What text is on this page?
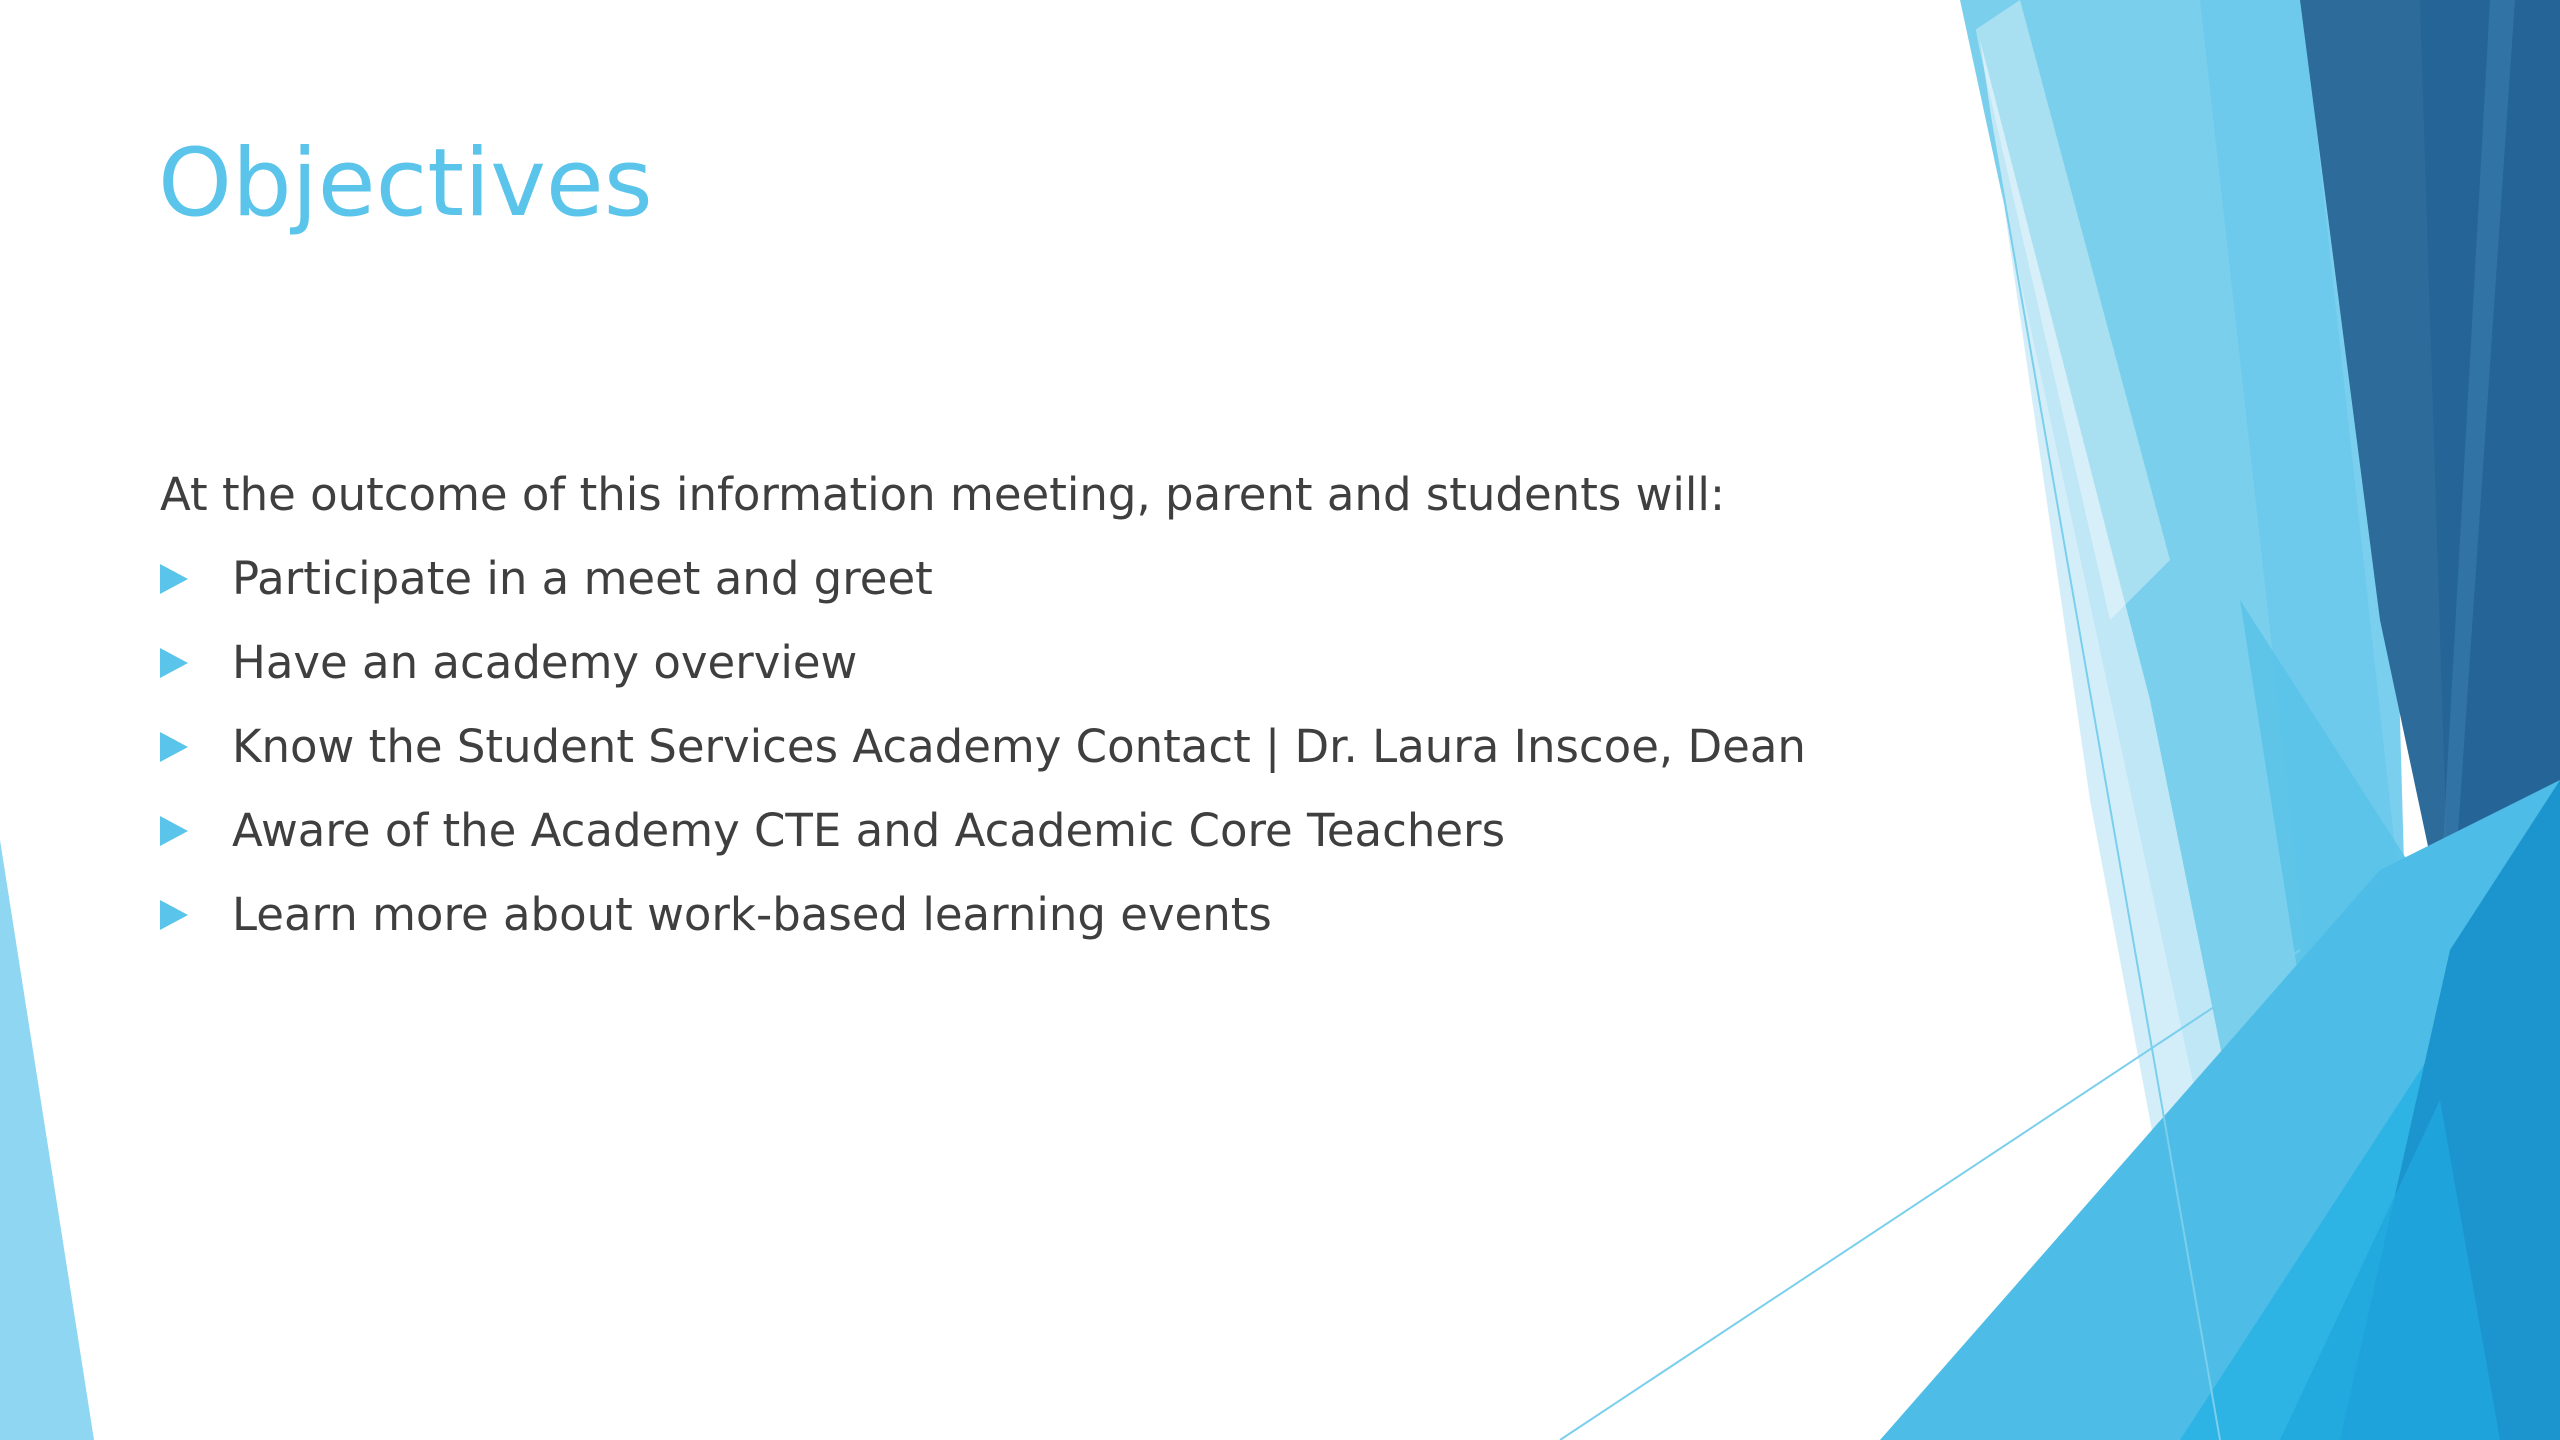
Objectives

At the outcome of this information meeting, parent and students will:

Participate in a meet and greet
Have an academy overview
Know the Student Services Academy Contact | Dr. Laura Inscoe, Dean
Aware of the Academy CTE and Academic Core Teachers
Learn more about work-based learning events
